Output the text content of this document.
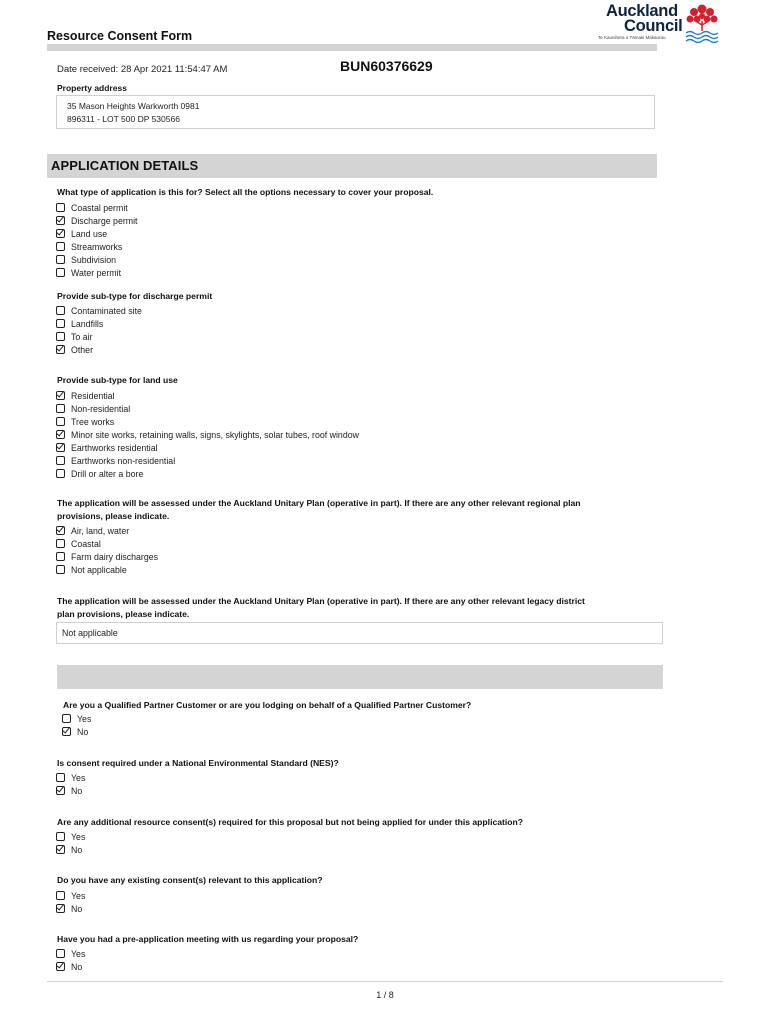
Resource Consent Form
Auckland
Council
Te Kaunihera o Tāmaki Makaurau
Date received: 28 Apr 2021 11:54:47 AM	BUN60376629
Property address
35 Mason Heights Warkworth 0981
896311 - LOT 500 DP 530566
APPLICATION DETAILS
What type of application is this for? Select all the options necessary to cover your proposal.
Coastal permit
Discharge permit
Land use
Streamworks
Subdivision
Water permit
Provide sub-type for discharge permit
Contaminated site
Landfills
To air
Other
Provide sub-type for land use
Residential
Non-residential
Tree works
Minor site works, retaining walls, signs, skylights, solar tubes, roof window
Earthworks residential
Earthworks non-residential
Drill or alter a bore
The application will be assessed under the Auckland Unitary Plan (operative in part). If there are any other relevant regional plan
provisions, please indicate.
Air, land, water
Coastal
Farm dairy discharges
Not applicable
The application will be assessed under the Auckland Unitary Plan (operative in part). If there are any other relevant legacy district
plan provisions, please indicate.
Not applicable
Are you a Qualified Partner Customer or are you lodging on behalf of a Qualified Partner Customer?
Yes
No
Is consent required under a National Environmental Standard (NES)?
Yes
No
Are any additional resource consent(s) required for this proposal but not being applied for under this application?
Yes
No
Do you have any existing consent(s) relevant to this application?
Yes
No
Have you had a pre-application meeting with us regarding your proposal?
Yes
No
1 / 8
